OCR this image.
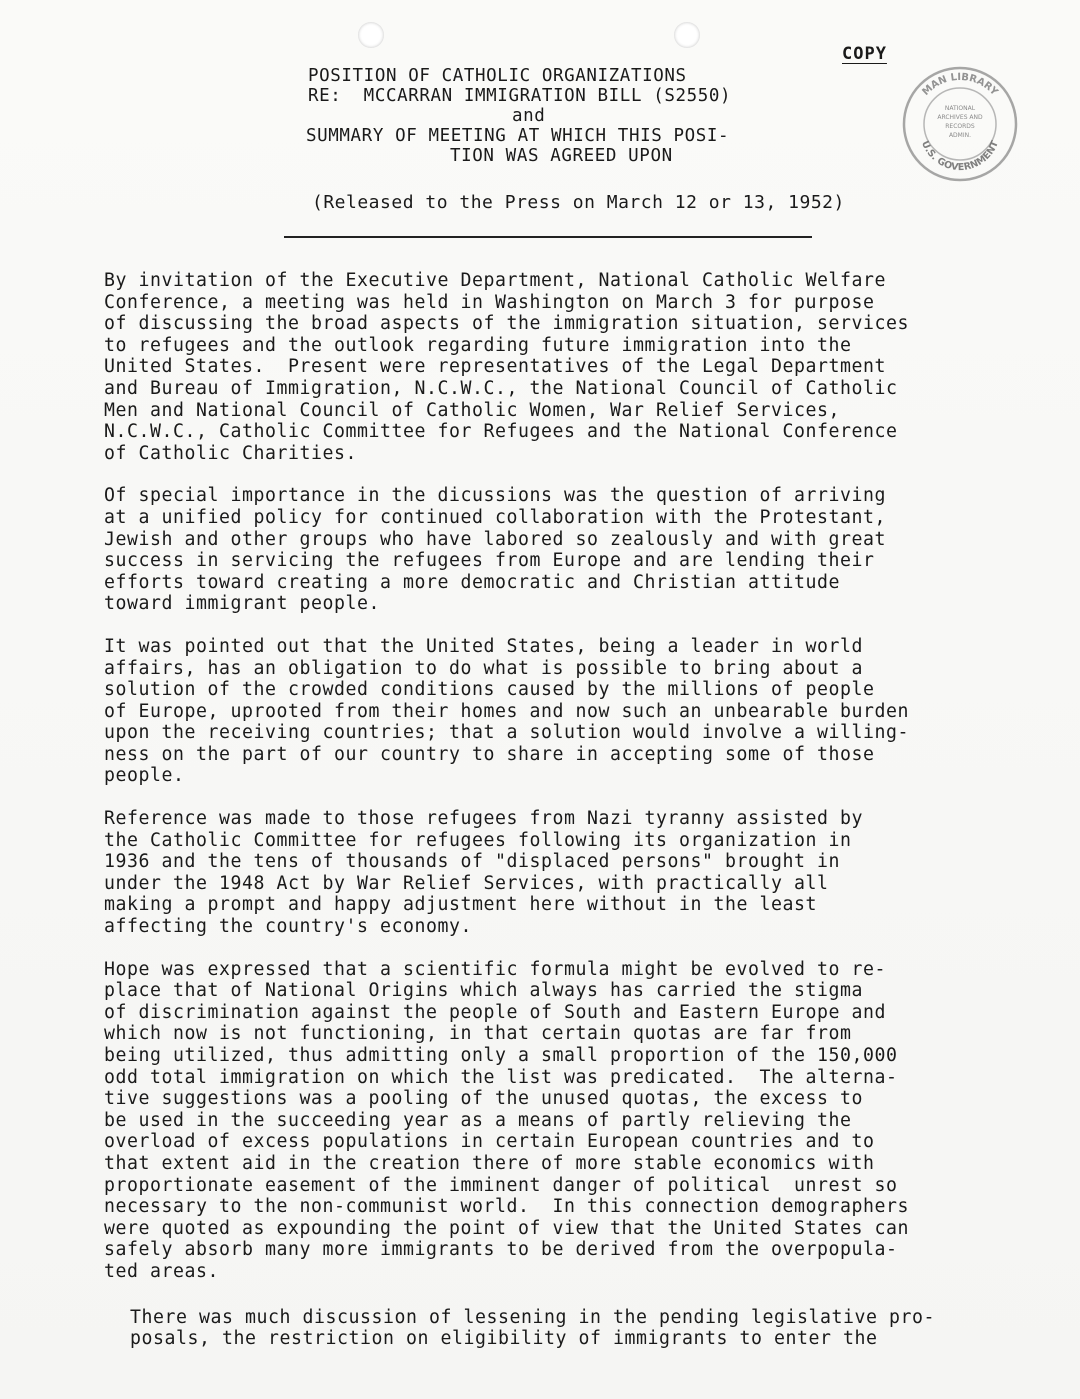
COPY
MAN LIBRARY
U.S. GOVERNMENT
NATIONAL
ARCHIVES AND
RECORDS
ADMIN.
POSITION OF CATHOLIC ORGANIZATIONS
RE:  MCCARRAN IMMIGRATION BILL (S2550)
and
SUMMARY OF MEETING AT WHICH THIS POSI-
TION WAS AGREED UPON
(Released to the Press on March 12 or 13, 1952)
By invitation of the Executive Department, National Catholic Welfare
Conference, a meeting was held in Washington on March 3 for purpose
of discussing the broad aspects of the immigration situation, services
to refugees and the outlook regarding future immigration into the
United States.  Present were representatives of the Legal Department
and Bureau of Immigration, N.C.W.C., the National Council of Catholic
Men and National Council of Catholic Women, War Relief Services,
N.C.W.C., Catholic Committee for Refugees and the National Conference
of Catholic Charities.
Of special importance in the dicussions was the question of arriving
at a unified policy for continued collaboration with the Protestant,
Jewish and other groups who have labored so zealously and with great
success in servicing the refugees from Europe and are lending their
efforts toward creating a more democratic and Christian attitude
toward immigrant people.
It was pointed out that the United States, being a leader in world
affairs, has an obligation to do what is possible to bring about a
solution of the crowded conditions caused by the millions of people
of Europe, uprooted from their homes and now such an unbearable burden
upon the receiving countries; that a solution would involve a willing-
ness on the part of our country to share in accepting some of those
people.
Reference was made to those refugees from Nazi tyranny assisted by
the Catholic Committee for refugees following its organization in
1936 and the tens of thousands of "displaced persons" brought in
under the 1948 Act by War Relief Services, with practically all
making a prompt and happy adjustment here without in the least
affecting the country's economy.
Hope was expressed that a scientific formula might be evolved to re-
place that of National Origins which always has carried the stigma
of discrimination against the people of South and Eastern Europe and
which now is not functioning, in that certain quotas are far from
being utilized, thus admitting only a small proportion of the 150,000
odd total immigration on which the list was predicated.  The alterna-
tive suggestions was a pooling of the unused quotas, the excess to
be used in the succeeding year as a means of partly relieving the
overload of excess populations in certain European countries and to
that extent aid in the creation there of more stable economics with
proportionate easement of the imminent danger of political  unrest so
necessary to the non-communist world.  In this connection demographers
were quoted as expounding the point of view that the United States can
safely absorb many more immigrants to be derived from the overpopula-
ted areas.
There was much discussion of lessening in the pending legislative pro-
posals, the restriction on eligibility of immigrants to enter the
